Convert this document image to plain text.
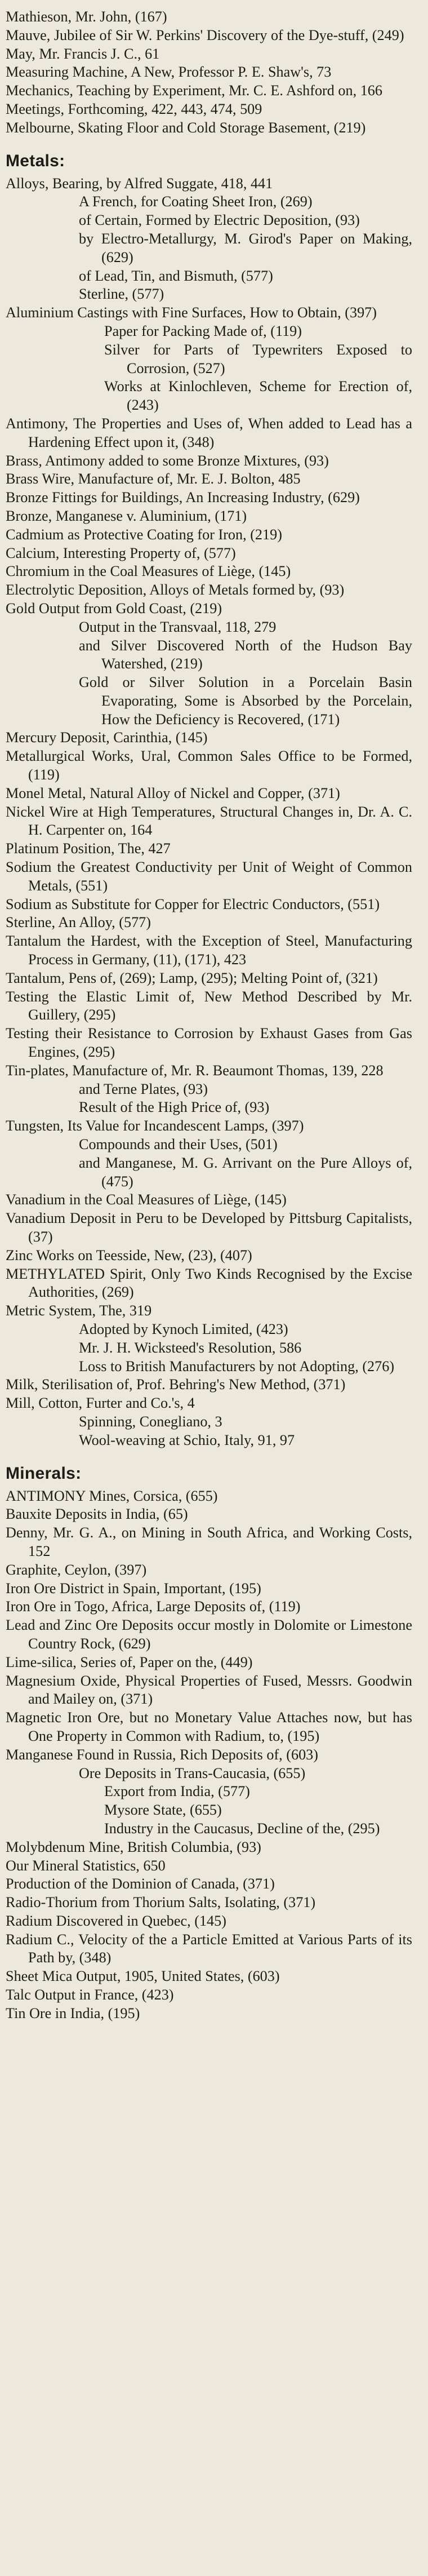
Mathieson, Mr. John, (167)

Mauve, Jubilee of Sir W. Perkins' Discovery of the Dye-stuff, (249)

May, Mr. Francis J. C., 61

Measuring Machine, A New, Professor P. E. Shaw's, 73

Mechanics, Teaching by Experiment, Mr. C. E. Ashford on, 166

Meetings, Forthcoming, 422, 443, 474, 509

Melbourne, Skating Floor and Cold Storage Basement, (219)

Metals:

Alloys, Bearing, by Alfred Suggate, 418, 441

A French, for Coating Sheet Iron, (269)

of Certain, Formed by Electric Deposition, (93)

by Electro-Metallurgy, M. Girod's Paper on Making, (629)

of Lead, Tin, and Bismuth, (577)

Sterline, (577)

Aluminium Castings with Fine Surfaces, How to Obtain, (397)

Paper for Packing Made of, (119)

Silver for Parts of Typewriters Exposed to Corrosion, (527)

Works at Kinlochleven, Scheme for Erection of, (243)

Antimony, The Properties and Uses of, When added to Lead has a Hardening Effect upon it, (348)

Brass, Antimony added to some Bronze Mixtures, (93)

Brass Wire, Manufacture of, Mr. E. J. Bolton, 485

Bronze Fittings for Buildings, An Increasing Industry, (629)

Bronze, Manganese v. Aluminium, (171)

Cadmium as Protective Coating for Iron, (219)

Calcium, Interesting Property of, (577)

Chromium in the Coal Measures of Liège, (145)

Electrolytic Deposition, Alloys of Metals formed by, (93)

Gold Output from Gold Coast, (219)

Output in the Transvaal, 118, 279

and Silver Discovered North of the Hudson Bay Watershed, (219)

Gold or Silver Solution in a Porcelain Basin Evaporating, Some is Absorbed by the Porcelain, How the Deficiency is Recovered, (171)

Mercury Deposit, Carinthia, (145)

Metallurgical Works, Ural, Common Sales Office to be Formed, (119)

Monel Metal, Natural Alloy of Nickel and Copper, (371)

Nickel Wire at High Temperatures, Structural Changes in, Dr. A. C. H. Carpenter on, 164

Platinum Position, The, 427

Sodium the Greatest Conductivity per Unit of Weight of Common Metals, (551)

Sodium as Substitute for Copper for Electric Conductors, (551)

Sterline, An Alloy, (577)

Tantalum the Hardest, with the Exception of Steel, Manufacturing Process in Germany, (11), (171), 423

Tantalum, Pens of, (269); Lamp, (295); Melting Point of, (321)

Testing the Elastic Limit of, New Method Described by Mr. Guillery, (295)

Testing their Resistance to Corrosion by Exhaust Gases from Gas Engines, (295)

Tin-plates, Manufacture of, Mr. R. Beaumont Thomas, 139, 228

and Terne Plates, (93)

Result of the High Price of, (93)

Tungsten, Its Value for Incandescent Lamps, (397)

Compounds and their Uses, (501)

and Manganese, M. G. Arrivant on the Pure Alloys of, (475)

Vanadium in the Coal Measures of Liège, (145)

Vanadium Deposit in Peru to be Developed by Pittsburg Capitalists, (37)

Zinc Works on Teesside, New, (23), (407)

METHYLATED Spirit, Only Two Kinds Recognised by the Excise Authorities, (269)

Metric System, The, 319

Adopted by Kynoch Limited, (423)

Mr. J. H. Wicksteed's Resolution, 586

Loss to British Manufacturers by not Adopting, (276)

Milk, Sterilisation of, Prof. Behring's New Method, (371)

Mill, Cotton, Furter and Co.'s, 4

Spinning, Conegliano, 3

Wool-weaving at Schio, Italy, 91, 97

Minerals:

ANTIMONY Mines, Corsica, (655)

Bauxite Deposits in India, (65)

Denny, Mr. G. A., on Mining in South Africa, and Working Costs, 152

Graphite, Ceylon, (397)

Iron Ore District in Spain, Important, (195)

Iron Ore in Togo, Africa, Large Deposits of, (119)

Lead and Zinc Ore Deposits occur mostly in Dolomite or Limestone Country Rock, (629)

Lime-silica, Series of, Paper on the, (449)

Magnesium Oxide, Physical Properties of Fused, Messrs. Goodwin and Mailey on, (371)

Magnetic Iron Ore, but no Monetary Value Attaches now, but has One Property in Common with Radium, to, (195)

Manganese Found in Russia, Rich Deposits of, (603)

Ore Deposits in Trans-Caucasia, (655)

Export from India, (577)

Mysore State, (655)

Industry in the Caucasus, Decline of the, (295)

Molybdenum Mine, British Columbia, (93)

Our Mineral Statistics, 650

Production of the Dominion of Canada, (371)

Radio-Thorium from Thorium Salts, Isolating, (371)

Radium Discovered in Quebec, (145)

Radium C., Velocity of the a Particle Emitted at Various Parts of its Path by, (348)

Sheet Mica Output, 1905, United States, (603)

Talc Output in France, (423)

Tin Ore in India, (195)
